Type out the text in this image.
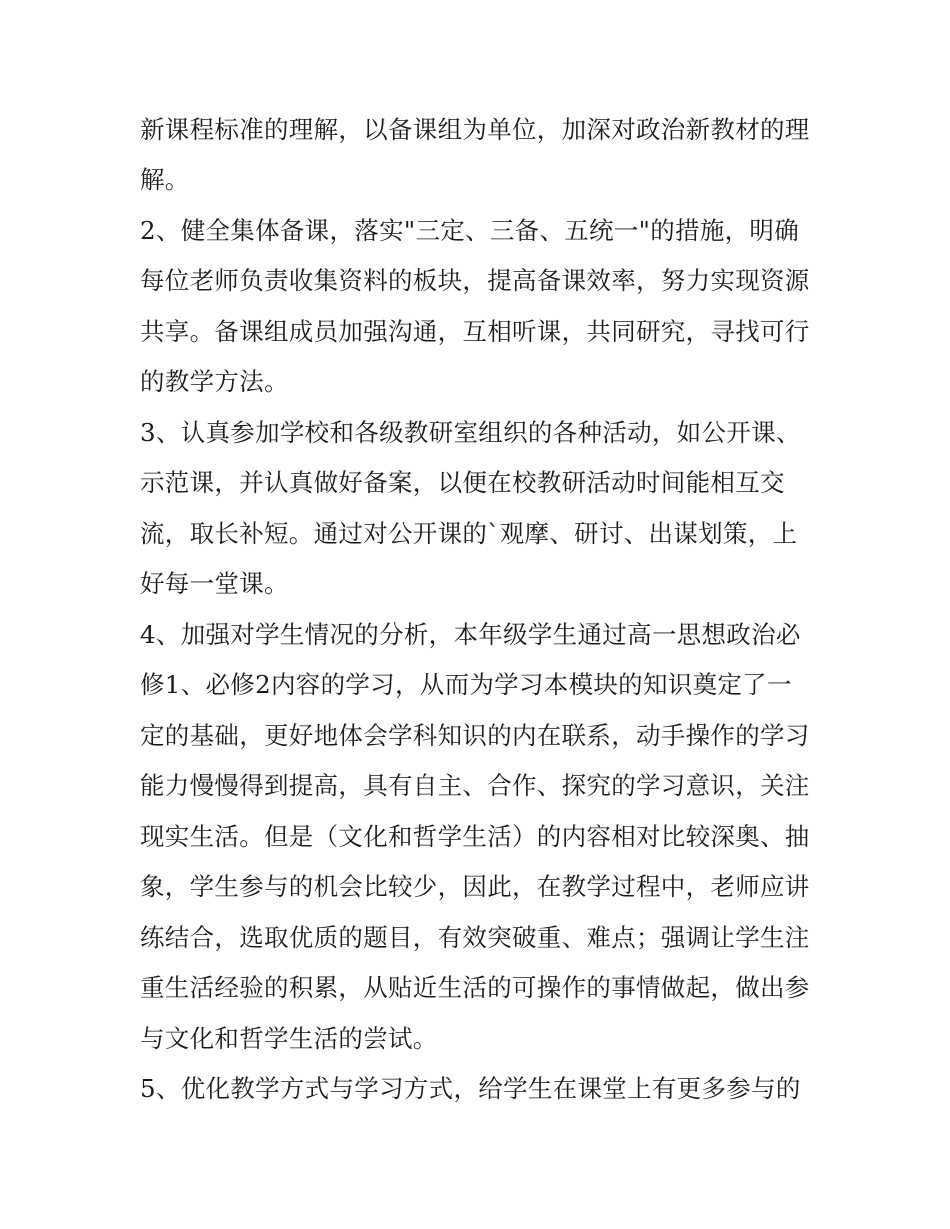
新课程标准的理解，以备课组为单位，加深对政治新教材的理
解。
2、健全集体备课，落实"三定、三备、五统一"的措施，明确
每位老师负责收集资料的板块，提高备课效率，努力实现资源
共享。备课组成员加强沟通，互相听课，共同研究，寻找可行
的教学方法。
3、认真参加学校和各级教研室组织的各种活动，如公开课、
示范课，并认真做好备案，以便在校教研活动时间能相互交
流，取长补短。通过对公开课的`观摩、研讨、出谋划策，上
好每一堂课。
4、加强对学生情况的分析，本年级学生通过高一思想政治必
修1、必修2内容的学习，从而为学习本模块的知识奠定了一
定的基础，更好地体会学科知识的内在联系，动手操作的学习
能力慢慢得到提高，具有自主、合作、探究的学习意识，关注
现实生活。但是（文化和哲学生活）的内容相对比较深奥、抽
象，学生参与的机会比较少，因此，在教学过程中，老师应讲
练结合，选取优质的题目，有效突破重、难点；强调让学生注
重生活经验的积累，从贴近生活的可操作的事情做起，做出参
与文化和哲学生活的尝试。
5、优化教学方式与学习方式，给学生在课堂上有更多参与的
